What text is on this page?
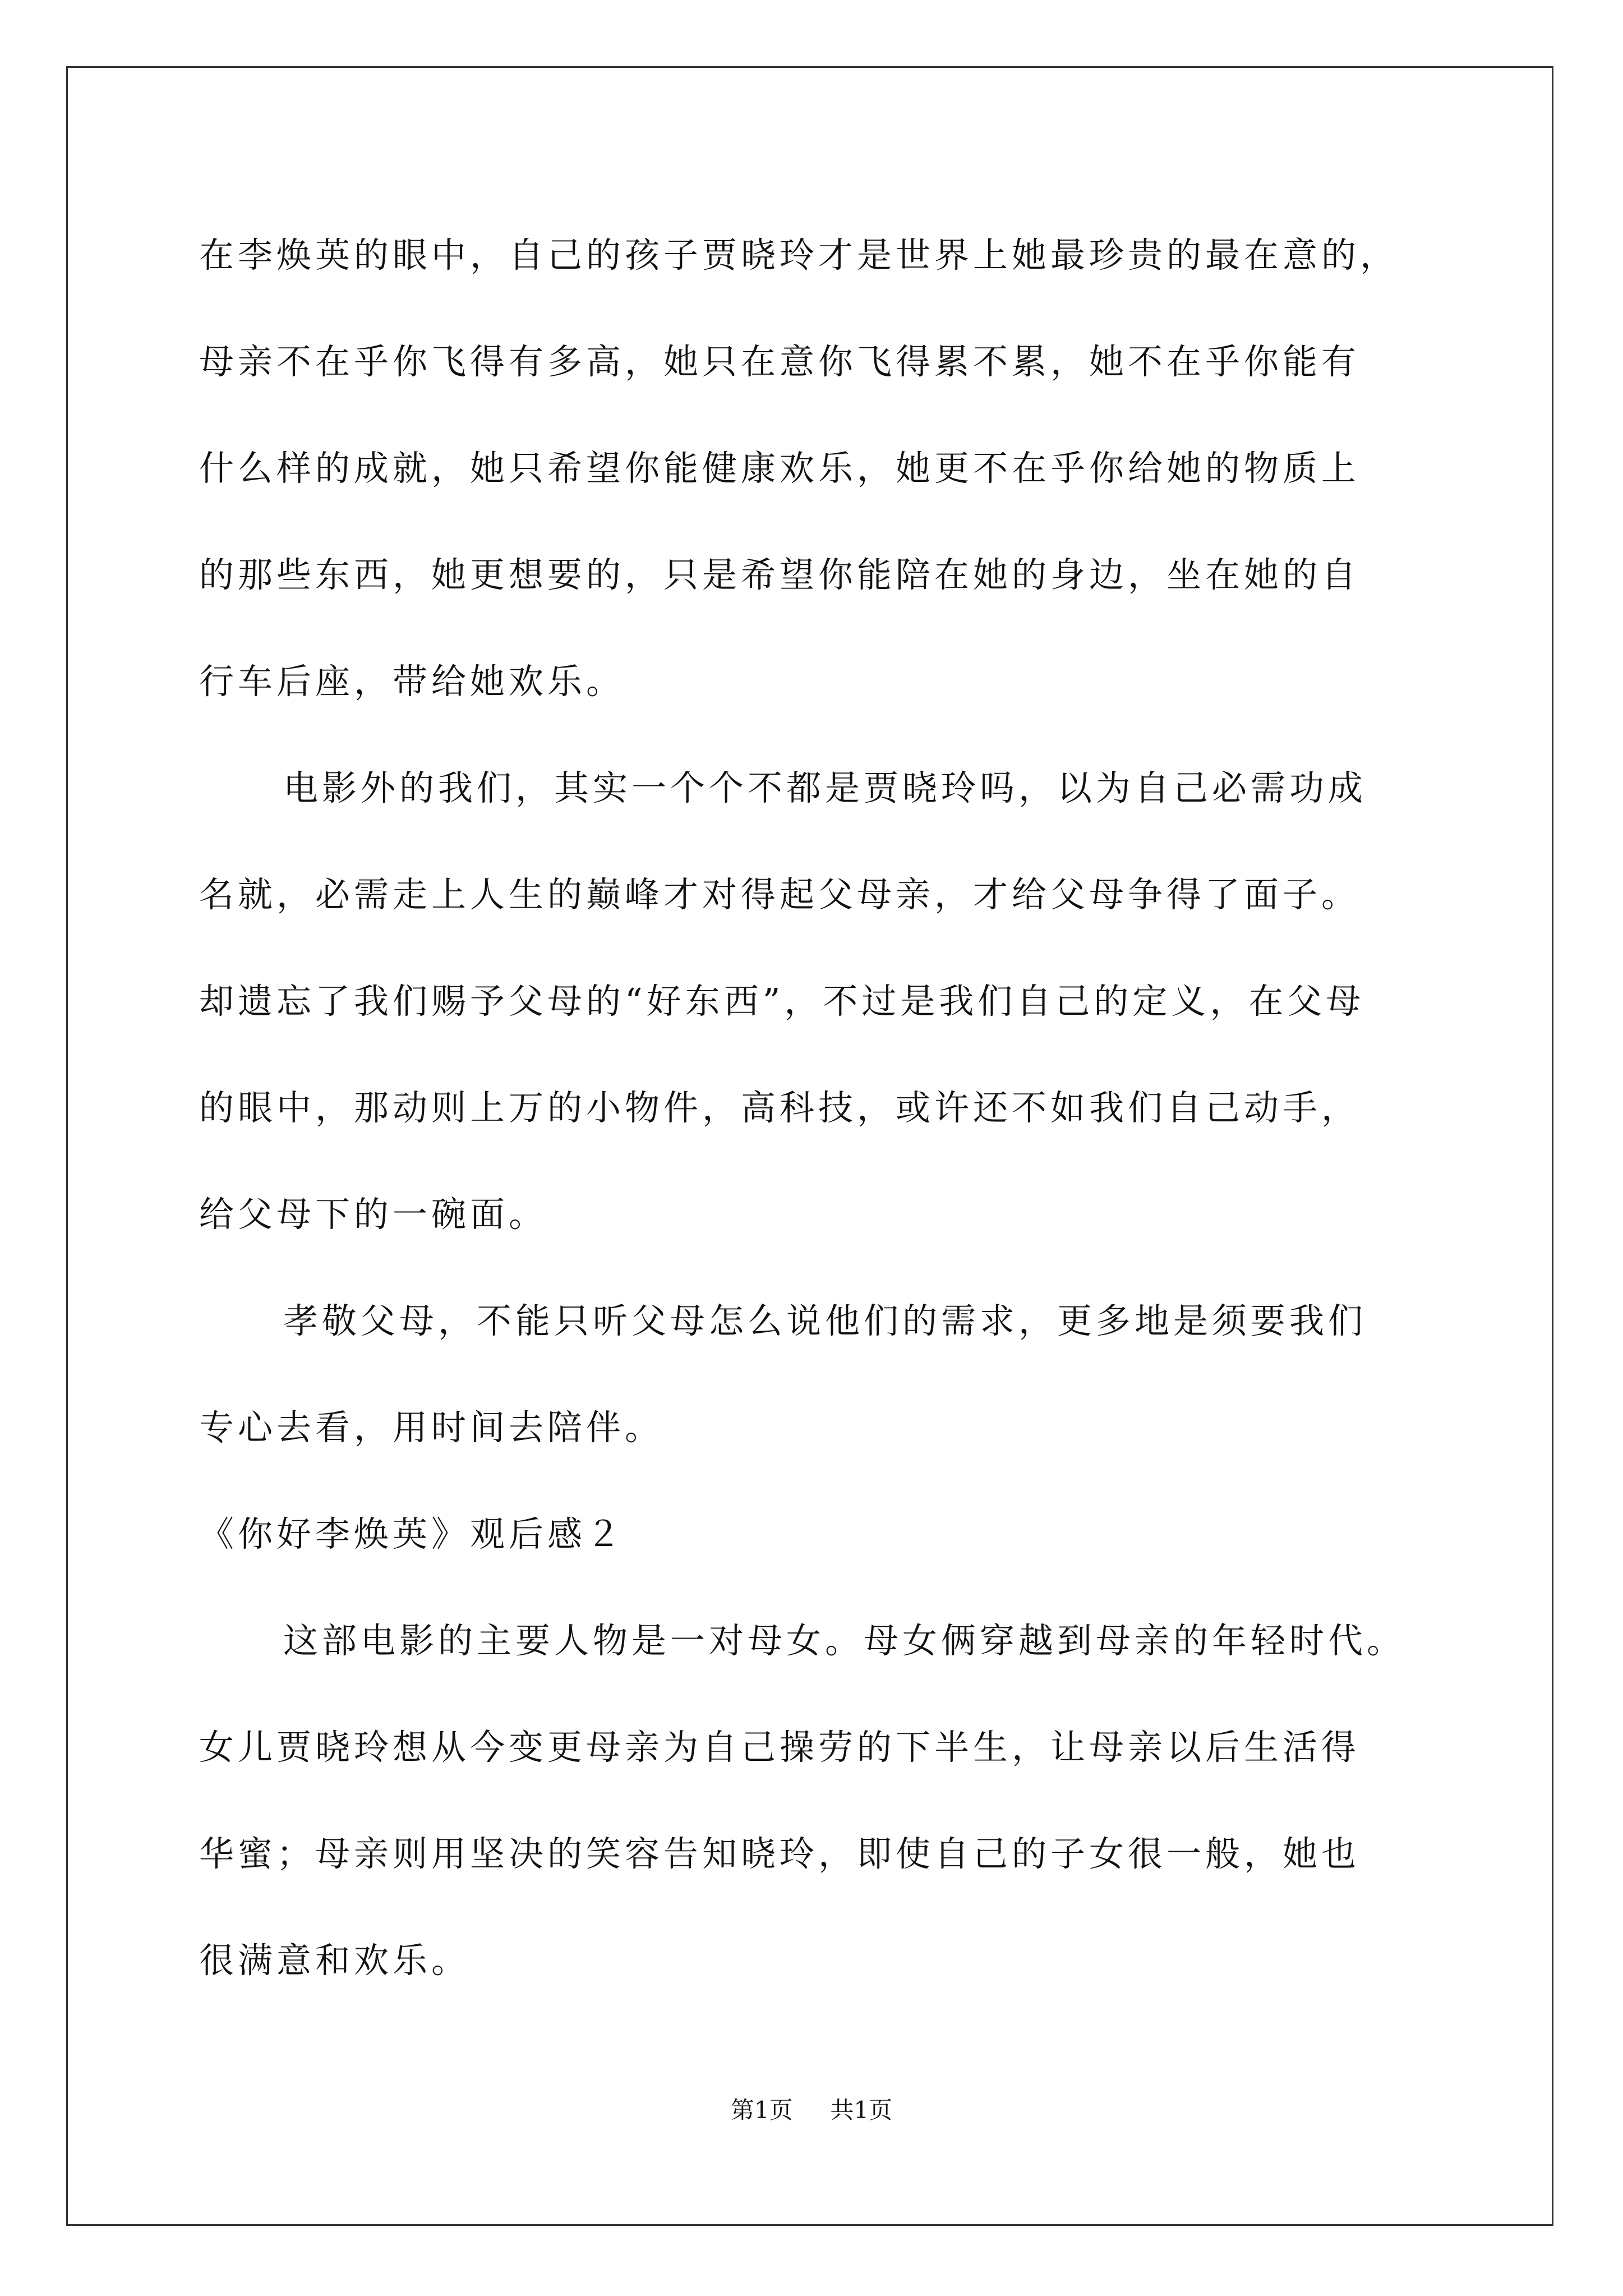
在李焕英的眼中，自己的孩子贾晓玲才是世界上她最珍贵的最在意的，
母亲不在乎你飞得有多高，她只在意你飞得累不累，她不在乎你能有
什么样的成就，她只希望你能健康欢乐，她更不在乎你给她的物质上
的那些东西，她更想要的，只是希望你能陪在她的身边，坐在她的自
行车后座，带给她欢乐。
电影外的我们，其实一个个不都是贾晓玲吗，以为自己必需功成
名就，必需走上人生的巅峰才对得起父母亲，才给父母争得了面子。
却遗忘了我们赐予父母的“好东西”，不过是我们自己的定义，在父母
的眼中，那动则上万的小物件，高科技，或许还不如我们自己动手，
给父母下的一碗面。
孝敬父母，不能只听父母怎么说他们的需求，更多地是须要我们
专心去看，用时间去陪伴。
《你好李焕英》观后感２
这部电影的主要人物是一对母女。母女俩穿越到母亲的年轻时代。
女儿贾晓玲想从今变更母亲为自己操劳的下半生，让母亲以后生活得
华蜜；母亲则用坚决的笑容告知晓玲，即使自己的子女很一般，她也
很满意和欢乐。
第1页 共1页
